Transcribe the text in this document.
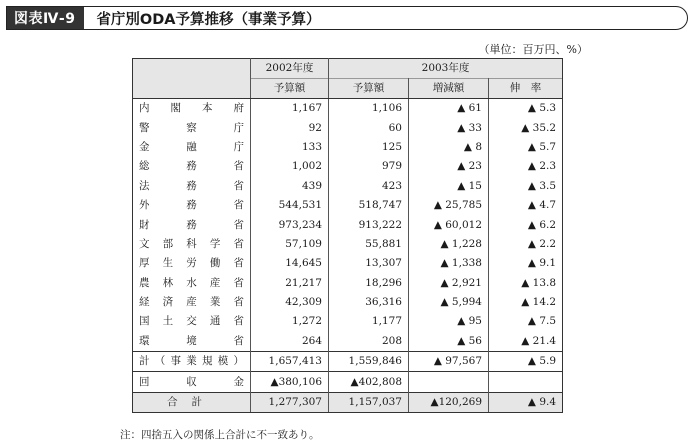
図表Ⅳ-9	省庁別ODA予算推移（事業予算）
（単位：百万円、%）
	2002年度	2003年度		
	予算額	予算額	増減額	伸　率
内閣本府	1,167	1,106	▲ 61	▲ 5.3
警察庁	92	60	▲ 33	▲ 35.2
金融庁	133	125	▲ 8	▲ 5.7
総務省	1,002	979	▲ 23	▲ 2.3
法務省	439	423	▲ 15	▲ 3.5
外務省	544,531	518,747	▲ 25,785	▲ 4.7
財務省	973,234	913,222	▲ 60,012	▲ 6.2
文部科学省	57,109	55,881	▲ 1,228	▲ 2.2
厚生労働省	14,645	13,307	▲ 1,338	▲ 9.1
農林水産省	21,217	18,296	▲ 2,921	▲ 13.8
経済産業省	42,309	36,316	▲ 5,994	▲ 14.2
国土交通省	1,272	1,177	▲ 95	▲ 7.5
環境省	264	208	▲ 56	▲ 21.4
計（事業規模）	1,657,413	1,559,846	▲ 97,567	▲ 5.9
回収金	▲380,106	▲402,808		
合計	1,277,307	1,157,037	▲120,269	▲ 9.4
注：四捨五入の関係上合計に不一致あり。
